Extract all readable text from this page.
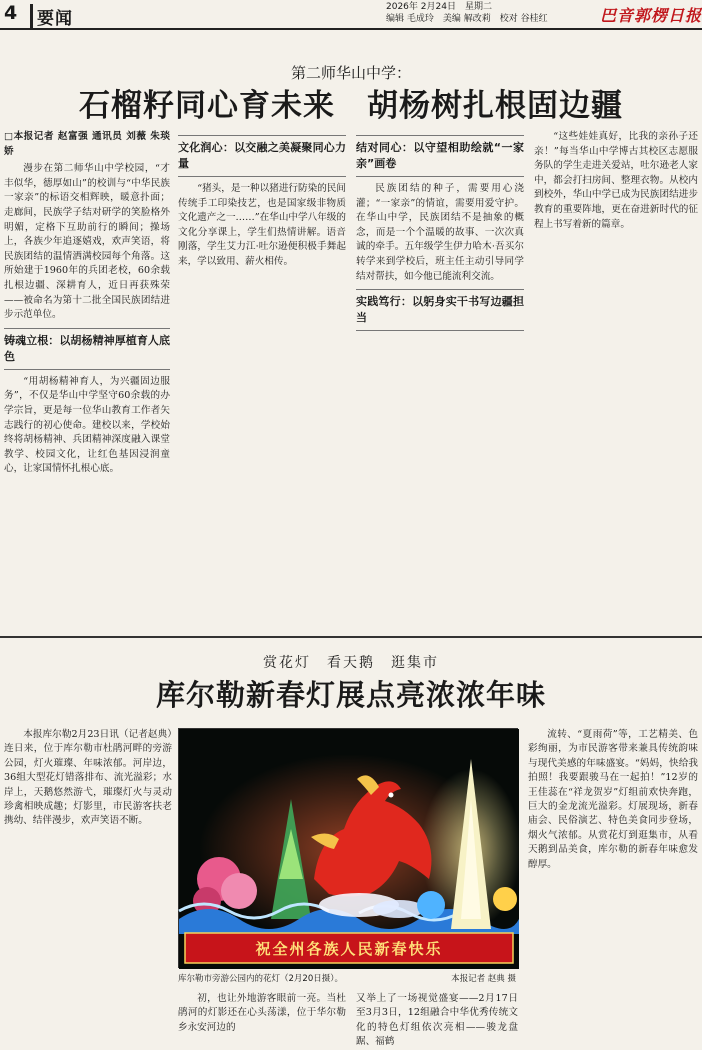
4	要闻
2026年 2月24日　星期二
编辑 毛成玲　美编 解改莉　校对 谷桂红	巴音郭楞日报
第二师华山中学：
石榴籽同心育未来　胡杨树扎根固边疆
□本报记者 赵富强 通讯员 刘薇 朱琰娇

漫步在第二师华山中学校园，“才丰似华，德厚如山”的校训与“中华民族一家亲”的标语交相辉映，暖意扑面；走廊间，民族学子结对研学的笑脸格外明媚，定格下互助前行的瞬间；操场上，各族少年追逐嬉戏，欢声笑语，将民族团结的温情洒满校园每个角落。这所始建于1960年的兵团老校，60余载扎根边疆、深耕育人，近日再获殊荣——被命名为第十二批全国民族团结进步示范单位。

铸魂立根：以胡杨精神厚植育人底色

“用胡杨精神育人，为兴疆固边服务”，不仅是华山中学坚守60余载的办学宗旨，更是每一位华山教育工作者矢志践行的初心使命。建校以来，学校始终将胡杨精神、兵团精神深度融入课堂教学、校园文化，让红色基因浸润童心，让家国情怀扎根心底。

文化润心：以交融之美凝聚同心力量

“猪头，是一种以猪进行防染的民间传统手工印染技艺，也是国家级非物质文化遗产之一……”在华山中学八年级的文化分享课上，学生们热情讲解。语音刚落，学生艾力江·吐尔逊便积极手舞起来，学以致用、薪火相传。

结对同心：以守望相助绘就“一家亲”画卷

民族团结的种子，需要用心浇灌；“一家亲”的情谊，需要用爱守护。在华山中学，民族团结不是抽象的概念，而是一个个温暖的故事、一次次真诚的牵手。五年级学生伊力哈木·吾买尔转学来到学校后，班主任主动引导同学结对帮扶，如今他已能流利交流。

实践笃行：以躬身实干书写边疆担当

“这些娃娃真好，比我的亲孙子还亲！”每当华山中学博古其校区志愿服务队的学生走进关爱站，吐尔逊老人家中，都会打扫房间、整理衣物。从校内到校外，华山中学已成为民族团结进步教育的重要阵地，更在奋进新时代的征程上书写着新的篇章。

赏花灯　看天鹅　逛集市
库尔勒新春灯展点亮浓浓年味

本报库尔勒2月23日讯（记者赵典）连日来，位于库尔勒市杜鹃河畔的旁游公园，灯火璀璨、年味浓郁。河岸边，36组大型花灯错落排布、流光溢彩；水岸上，天鹅悠然游弋，璀璨灯火与灵动珍禽相映成趣；灯影里，市民游客扶老携幼、结伴漫步，欢声笑语不断。

祝全州各族人民新春快乐
库尔勒市旁游公园内的花灯（2月20日摄）。	本报记者 赵典 摄

初，也让外地游客眼前一亮。当杜鹃河的灯影还在心头荡漾，位于华尔勒乡永安河边的

又举上了一场视觉盛宴——2月17日至3月3日，12组融合中华优秀传统文化的特色灯组依次亮相——骏龙盘踞、福鹤

流转、“夏雨荷”等，工艺精美、色彩绚丽，为市民游客带来兼具传统韵味与现代美感的年味盛宴。“妈妈，快给我拍照！我要跟骏马在一起拍！”12岁的王佳蕊在“祥龙贺岁”灯组前欢快奔跑，巨大的金龙流光溢彩。灯展现场，新春庙会、民俗演艺、特色美食同步登场，烟火气浓郁。从赏花灯到逛集市，从看天鹅到品美食，库尔勒的新春年味愈发醇厚。
